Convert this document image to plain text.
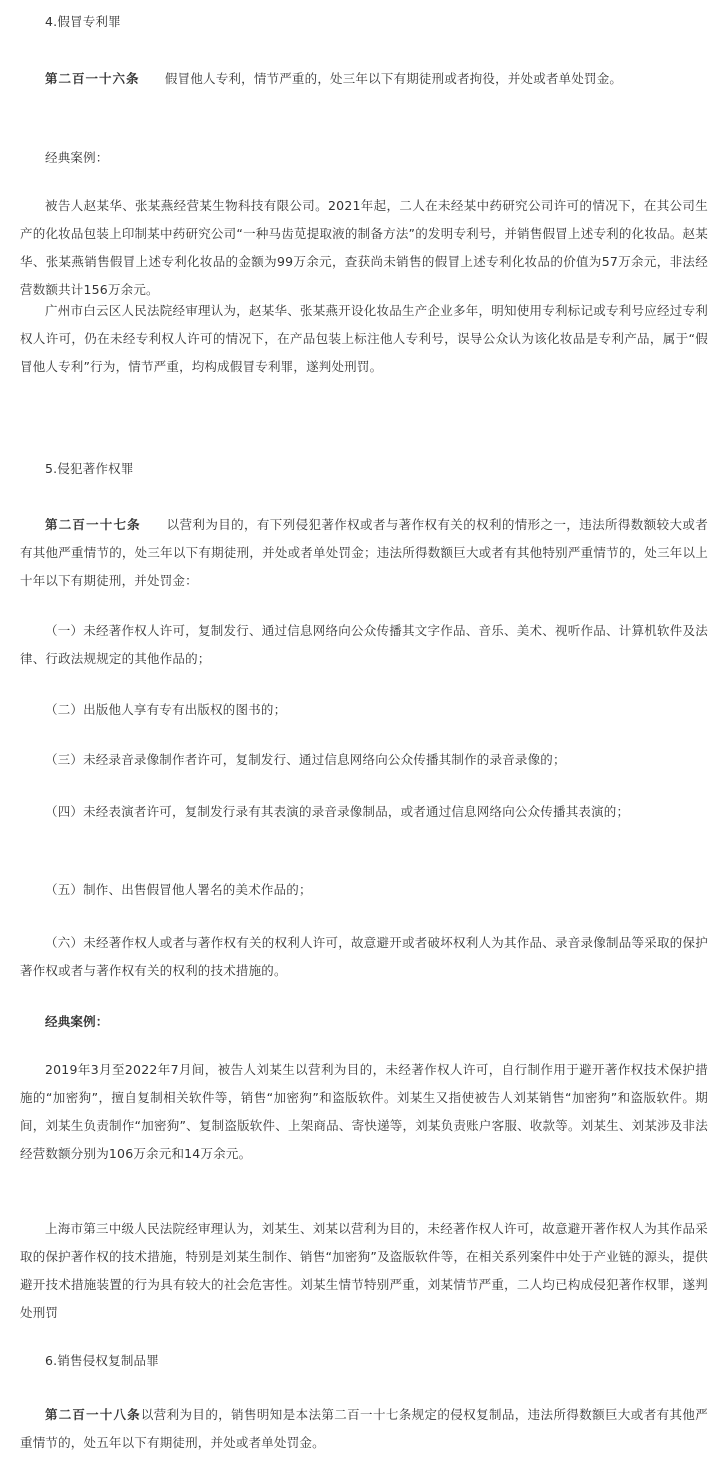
4.假冒专利罪

第二百一十六条　　假冒他人专利，情节严重的，处三年以下有期徒刑或者拘役，并处或者单处罚金。

经典案例：

被告人赵某华、张某燕经营某生物科技有限公司。2021年起，二人在未经某中药研究公司许可的情况下，在其公司生产的化妆品包装上印制某中药研究公司“一种马齿苋提取液的制备方法”的发明专利号，并销售假冒上述专利的化妆品。赵某华、张某燕销售假冒上述专利化妆品的金额为99万余元，查获尚未销售的假冒上述专利化妆品的价值为57万余元，非法经营数额共计156万余元。

广州市白云区人民法院经审理认为，赵某华、张某燕开设化妆品生产企业多年，明知使用专利标记或专利号应经过专利权人许可，仍在未经专利权人许可的情况下，在产品包装上标注他人专利号，误导公众认为该化妆品是专利产品，属于“假冒他人专利”行为，情节严重，均构成假冒专利罪，遂判处刑罚。

5.侵犯著作权罪

第二百一十七条　　以营利为目的，有下列侵犯著作权或者与著作权有关的权利的情形之一，违法所得数额较大或者有其他严重情节的，处三年以下有期徒刑，并处或者单处罚金；违法所得数额巨大或者有其他特别严重情节的，处三年以上十年以下有期徒刑，并处罚金：

（一）未经著作权人许可，复制发行、通过信息网络向公众传播其文字作品、音乐、美术、视听作品、计算机软件及法律、行政法规规定的其他作品的；

（二）出版他人享有专有出版权的图书的；

（三）未经录音录像制作者许可，复制发行、通过信息网络向公众传播其制作的录音录像的；

（四）未经表演者许可，复制发行录有其表演的录音录像制品，或者通过信息网络向公众传播其表演的；

（五）制作、出售假冒他人署名的美术作品的；

（六）未经著作权人或者与著作权有关的权利人许可，故意避开或者破坏权利人为其作品、录音录像制品等采取的保护著作权或者与著作权有关的权利的技术措施的。

经典案例：

2019年3月至2022年7月间，被告人刘某生以营利为目的，未经著作权人许可，自行制作用于避开著作权技术保护措施的“加密狗”，擅自复制相关软件等，销售“加密狗”和盗版软件。刘某生又指使被告人刘某销售“加密狗”和盗版软件。期间，刘某生负责制作“加密狗”、复制盗版软件、上架商品、寄快递等，刘某负责账户客服、收款等。刘某生、刘某涉及非法经营数额分别为106万余元和14万余元。

上海市第三中级人民法院经审理认为，刘某生、刘某以营利为目的，未经著作权人许可，故意避开著作权人为其作品采取的保护著作权的技术措施，特别是刘某生制作、销售“加密狗”及盗版软件等，在相关系列案件中处于产业链的源头，提供避开技术措施装置的行为具有较大的社会危害性。刘某生情节特别严重，刘某情节严重，二人均已构成侵犯著作权罪，遂判处刑罚

6.销售侵权复制品罪

第二百一十八条以营利为目的，销售明知是本法第二百一十七条规定的侵权复制品，违法所得数额巨大或者有其他严重情节的，处五年以下有期徒刑，并处或者单处罚金。
